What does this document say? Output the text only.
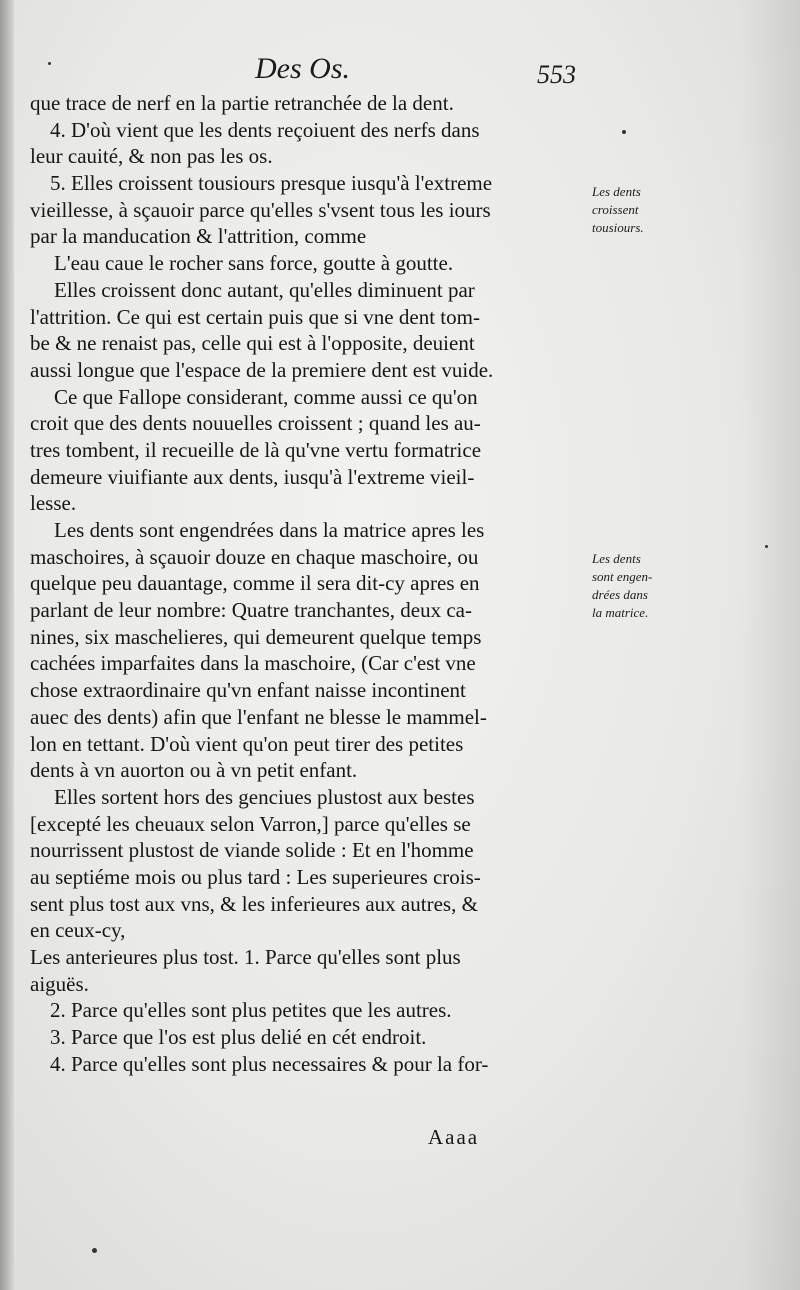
Des Os.	553
que trace de nerf en la partie retranchée de la dent.
4. D'où vient que les dents reçoiuent des nerfs dans
leur cauité, & non pas les os.
5. Elles croissent tousiours presque iusqu'à l'extreme
vieillesse, à sçauoir parce qu'elles s'vsent tous les iours
par la manducation & l'attrition, comme
L'eau caue le rocher sans force, goutte à goutte.
Elles croissent donc autant, qu'elles diminuent par
l'attrition. Ce qui est certain puis que si vne dent tom-
be & ne renaist pas, celle qui est à l'opposite, deuient
aussi longue que l'espace de la premiere dent est vuide.
Ce que Fallope considerant, comme aussi ce qu'on
croit que des dents nouuelles croissent ; quand les au-
tres tombent, il recueille de là qu'vne vertu formatrice
demeure viuifiante aux dents, iusqu'à l'extreme vieil-
lesse.
Les dents sont engendrées dans la matrice apres les
maschoires, à sçauoir douze en chaque maschoire, ou
quelque peu dauantage, comme il sera dit-cy apres en
parlant de leur nombre: Quatre tranchantes, deux ca-
nines, six maschelieres, qui demeurent quelque temps
cachées imparfaites dans la maschoire, (Car c'est vne
chose extraordinaire qu'vn enfant naisse incontinent
auec des dents) afin que l'enfant ne blesse le mammel-
lon en tettant. D'où vient qu'on peut tirer des petites
dents à vn auorton ou à vn petit enfant.
Elles sortent hors des genciues plustost aux bestes
[excepté les cheuaux selon Varron,] parce qu'elles se
nourrissent plustost de viande solide : Et en l'homme
au septiéme mois ou plus tard : Les superieures crois-
sent plus tost aux vns, & les inferieures aux autres, &
en ceux-cy,
Les anterieures plus tost. 1. Parce qu'elles sont plus
aiguës.
2. Parce qu'elles sont plus petites que les autres.
3. Parce que l'os est plus delié en cét endroit.
4. Parce qu'elles sont plus necessaires & pour la for-
Aaaa
Les dents
croissent
tousiours.
Les dents
sont engen-
drées dans
la matrice.
